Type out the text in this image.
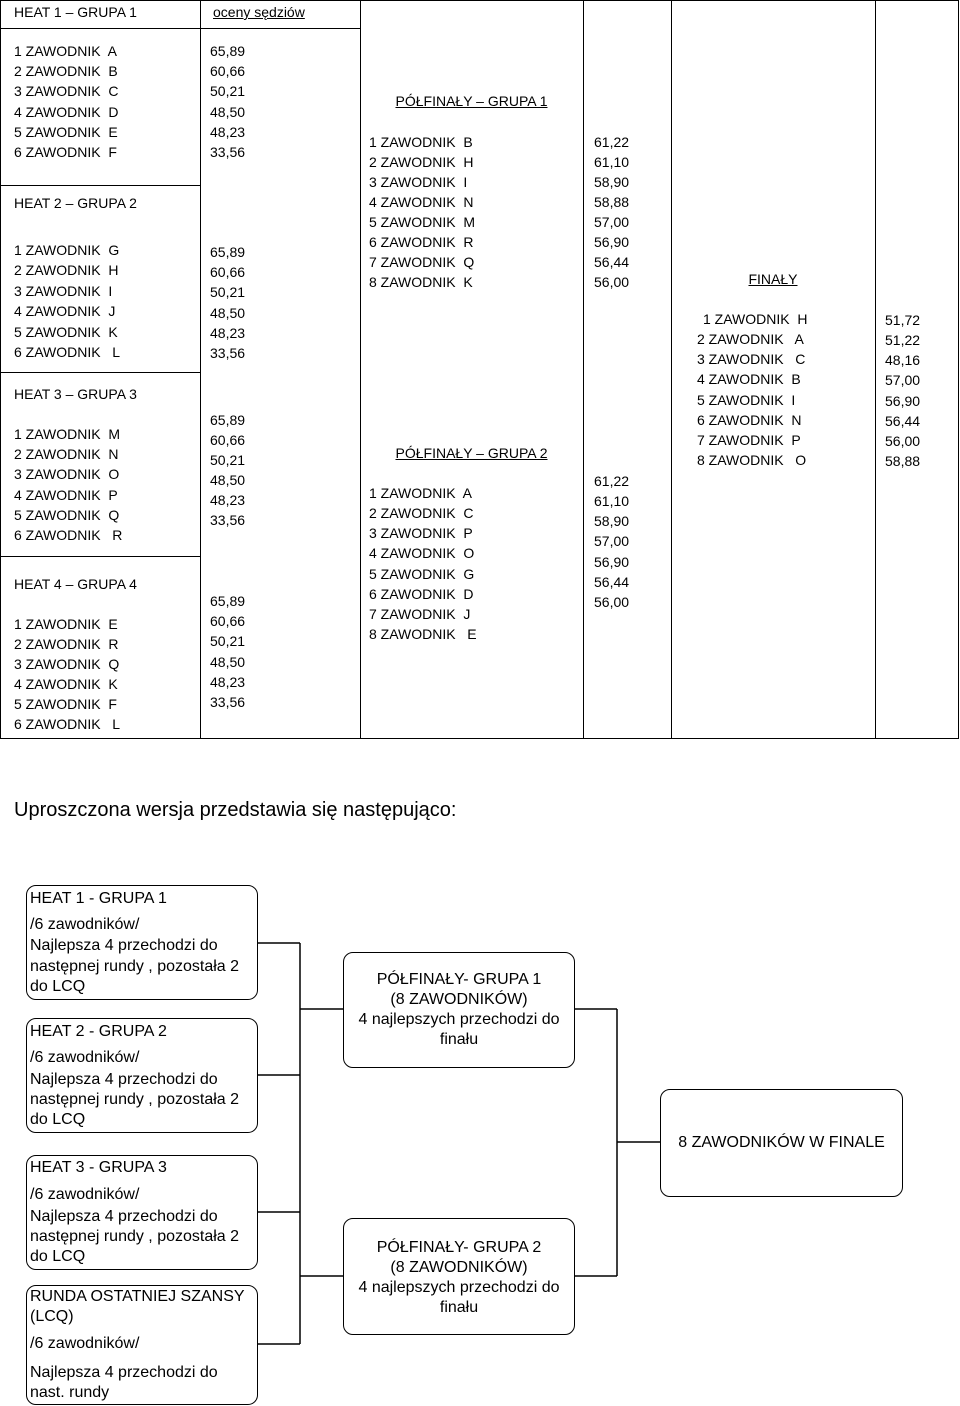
HEAT 1 – GRUPA 1	oceny sędziów
1 ZAWODNIK  A
2 ZAWODNIK  B
3 ZAWODNIK  C
4 ZAWODNIK  D
5 ZAWODNIK  E
6 ZAWODNIK  F
65,89
60,66
50,21
48,50
48,23
33,56
HEAT 2 – GRUPA 2
1 ZAWODNIK  G
2 ZAWODNIK  H
3 ZAWODNIK  I
4 ZAWODNIK  J
5 ZAWODNIK  K
6 ZAWODNIK   L
65,89
60,66
50,21
48,50
48,23
33,56
HEAT 3 – GRUPA 3
1 ZAWODNIK  M
2 ZAWODNIK  N
3 ZAWODNIK  O
4 ZAWODNIK  P
5 ZAWODNIK  Q
6 ZAWODNIK   R
65,89
60,66
50,21
48,50
48,23
33,56
HEAT 4 – GRUPA 4
1 ZAWODNIK  E
2 ZAWODNIK  R
3 ZAWODNIK  Q
4 ZAWODNIK  K
5 ZAWODNIK  F
6 ZAWODNIK   L
65,89
60,66
50,21
48,50
48,23
33,56
PÓŁFINAŁY – GRUPA 1
1 ZAWODNIK  B
2 ZAWODNIK  H
3 ZAWODNIK  I
4 ZAWODNIK  N
5 ZAWODNIK  M
6 ZAWODNIK  R
7 ZAWODNIK  Q
8 ZAWODNIK  K
61,22
61,10
58,90
58,88
57,00
56,90
56,44
56,00
PÓŁFINAŁY – GRUPA 2
1 ZAWODNIK  A
2 ZAWODNIK  C
3 ZAWODNIK  P
4 ZAWODNIK  O
5 ZAWODNIK  G
6 ZAWODNIK  D
7 ZAWODNIK  J
8 ZAWODNIK   E
61,22
61,10
58,90
57,00
56,90
56,44
56,00
FINAŁY
1 ZAWODNIK  H
2 ZAWODNIK   A
3 ZAWODNIK   C
4 ZAWODNIK  B
5 ZAWODNIK  I
6 ZAWODNIK  N
7 ZAWODNIK  P
8 ZAWODNIK   O
51,72
51,22
48,16
57,00
56,90
56,44
56,00
58,88
Uproszczona wersja przedstawia się następująco:
HEAT 1 - GRUPA 1
/6 zawodników/
Najlepsza 4 przechodzi do
następnej rundy , pozostała 2
do LCQ
HEAT 2 - GRUPA 2
/6 zawodników/
Najlepsza 4 przechodzi do
następnej rundy , pozostała 2
do LCQ
HEAT 3 - GRUPA 3
/6 zawodników/
Najlepsza 4 przechodzi do
następnej rundy , pozostała 2
do LCQ
RUNDA OSTATNIEJ SZANSY
(LCQ)
/6 zawodników/
Najlepsza 4 przechodzi do
nast. rundy
PÓŁFINAŁY- GRUPA 1
(8 ZAWODNIKÓW)
4 najlepszych przechodzi do
finału
PÓŁFINAŁY- GRUPA 2
(8 ZAWODNIKÓW)
4 najlepszych przechodzi do
finału
8 ZAWODNIKÓW W FINALE
